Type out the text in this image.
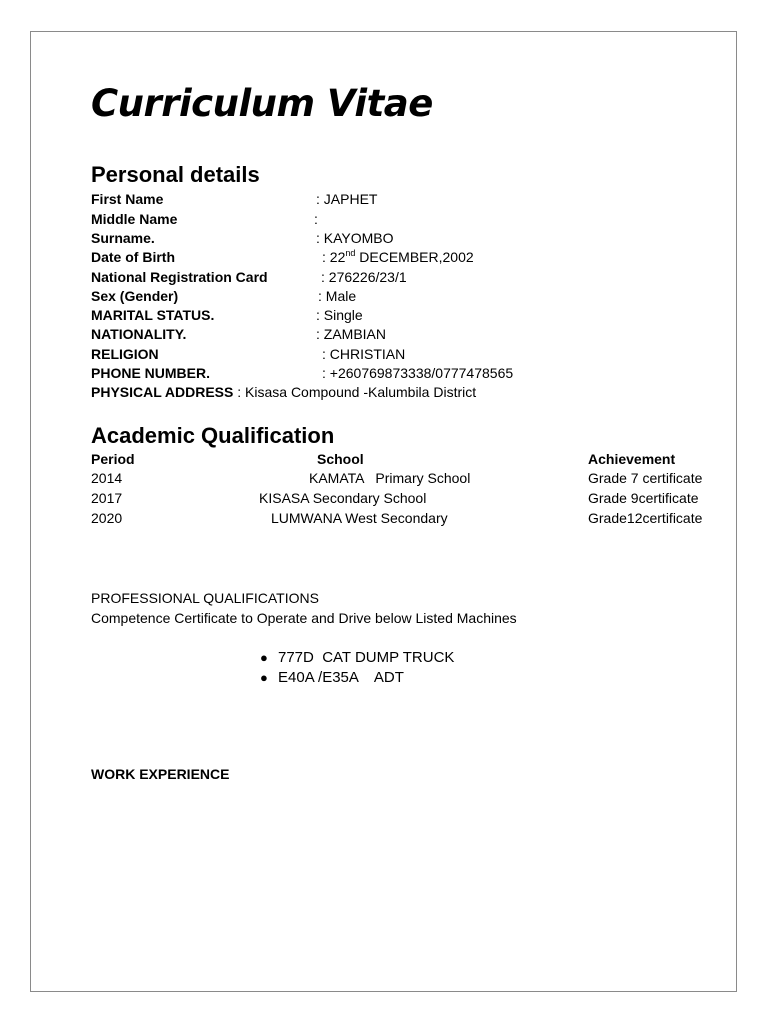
Curriculum Vitae
Personal details
First Name	: JAPHET
Middle Name	:
Surname.	: KAYOMBO
Date of Birth	: 22nd DECEMBER,2002
National Registration Card	: 276226/23/1
Sex (Gender)	: Male
MARITAL STATUS.	: Single
NATIONALITY.	: ZAMBIAN
RELIGION	: CHRISTIAN
PHONE NUMBER.	: +260769873338/0777478565
PHYSICAL ADDRESS : Kisasa Compound -Kalumbila District
Academic Qualification
Period	School	Achievement
2014	KAMATA   Primary School	Grade 7 certificate
2017	KISASA Secondary School	Grade 9certificate
2020	LUMWANA West Secondary	Grade12certificate
PROFESSIONAL QUALIFICATIONS
Competence Certificate to Operate and Drive below Listed Machines
● 777D  CAT DUMP TRUCK
● E40A /E35A    ADT
WORK EXPERIENCE
